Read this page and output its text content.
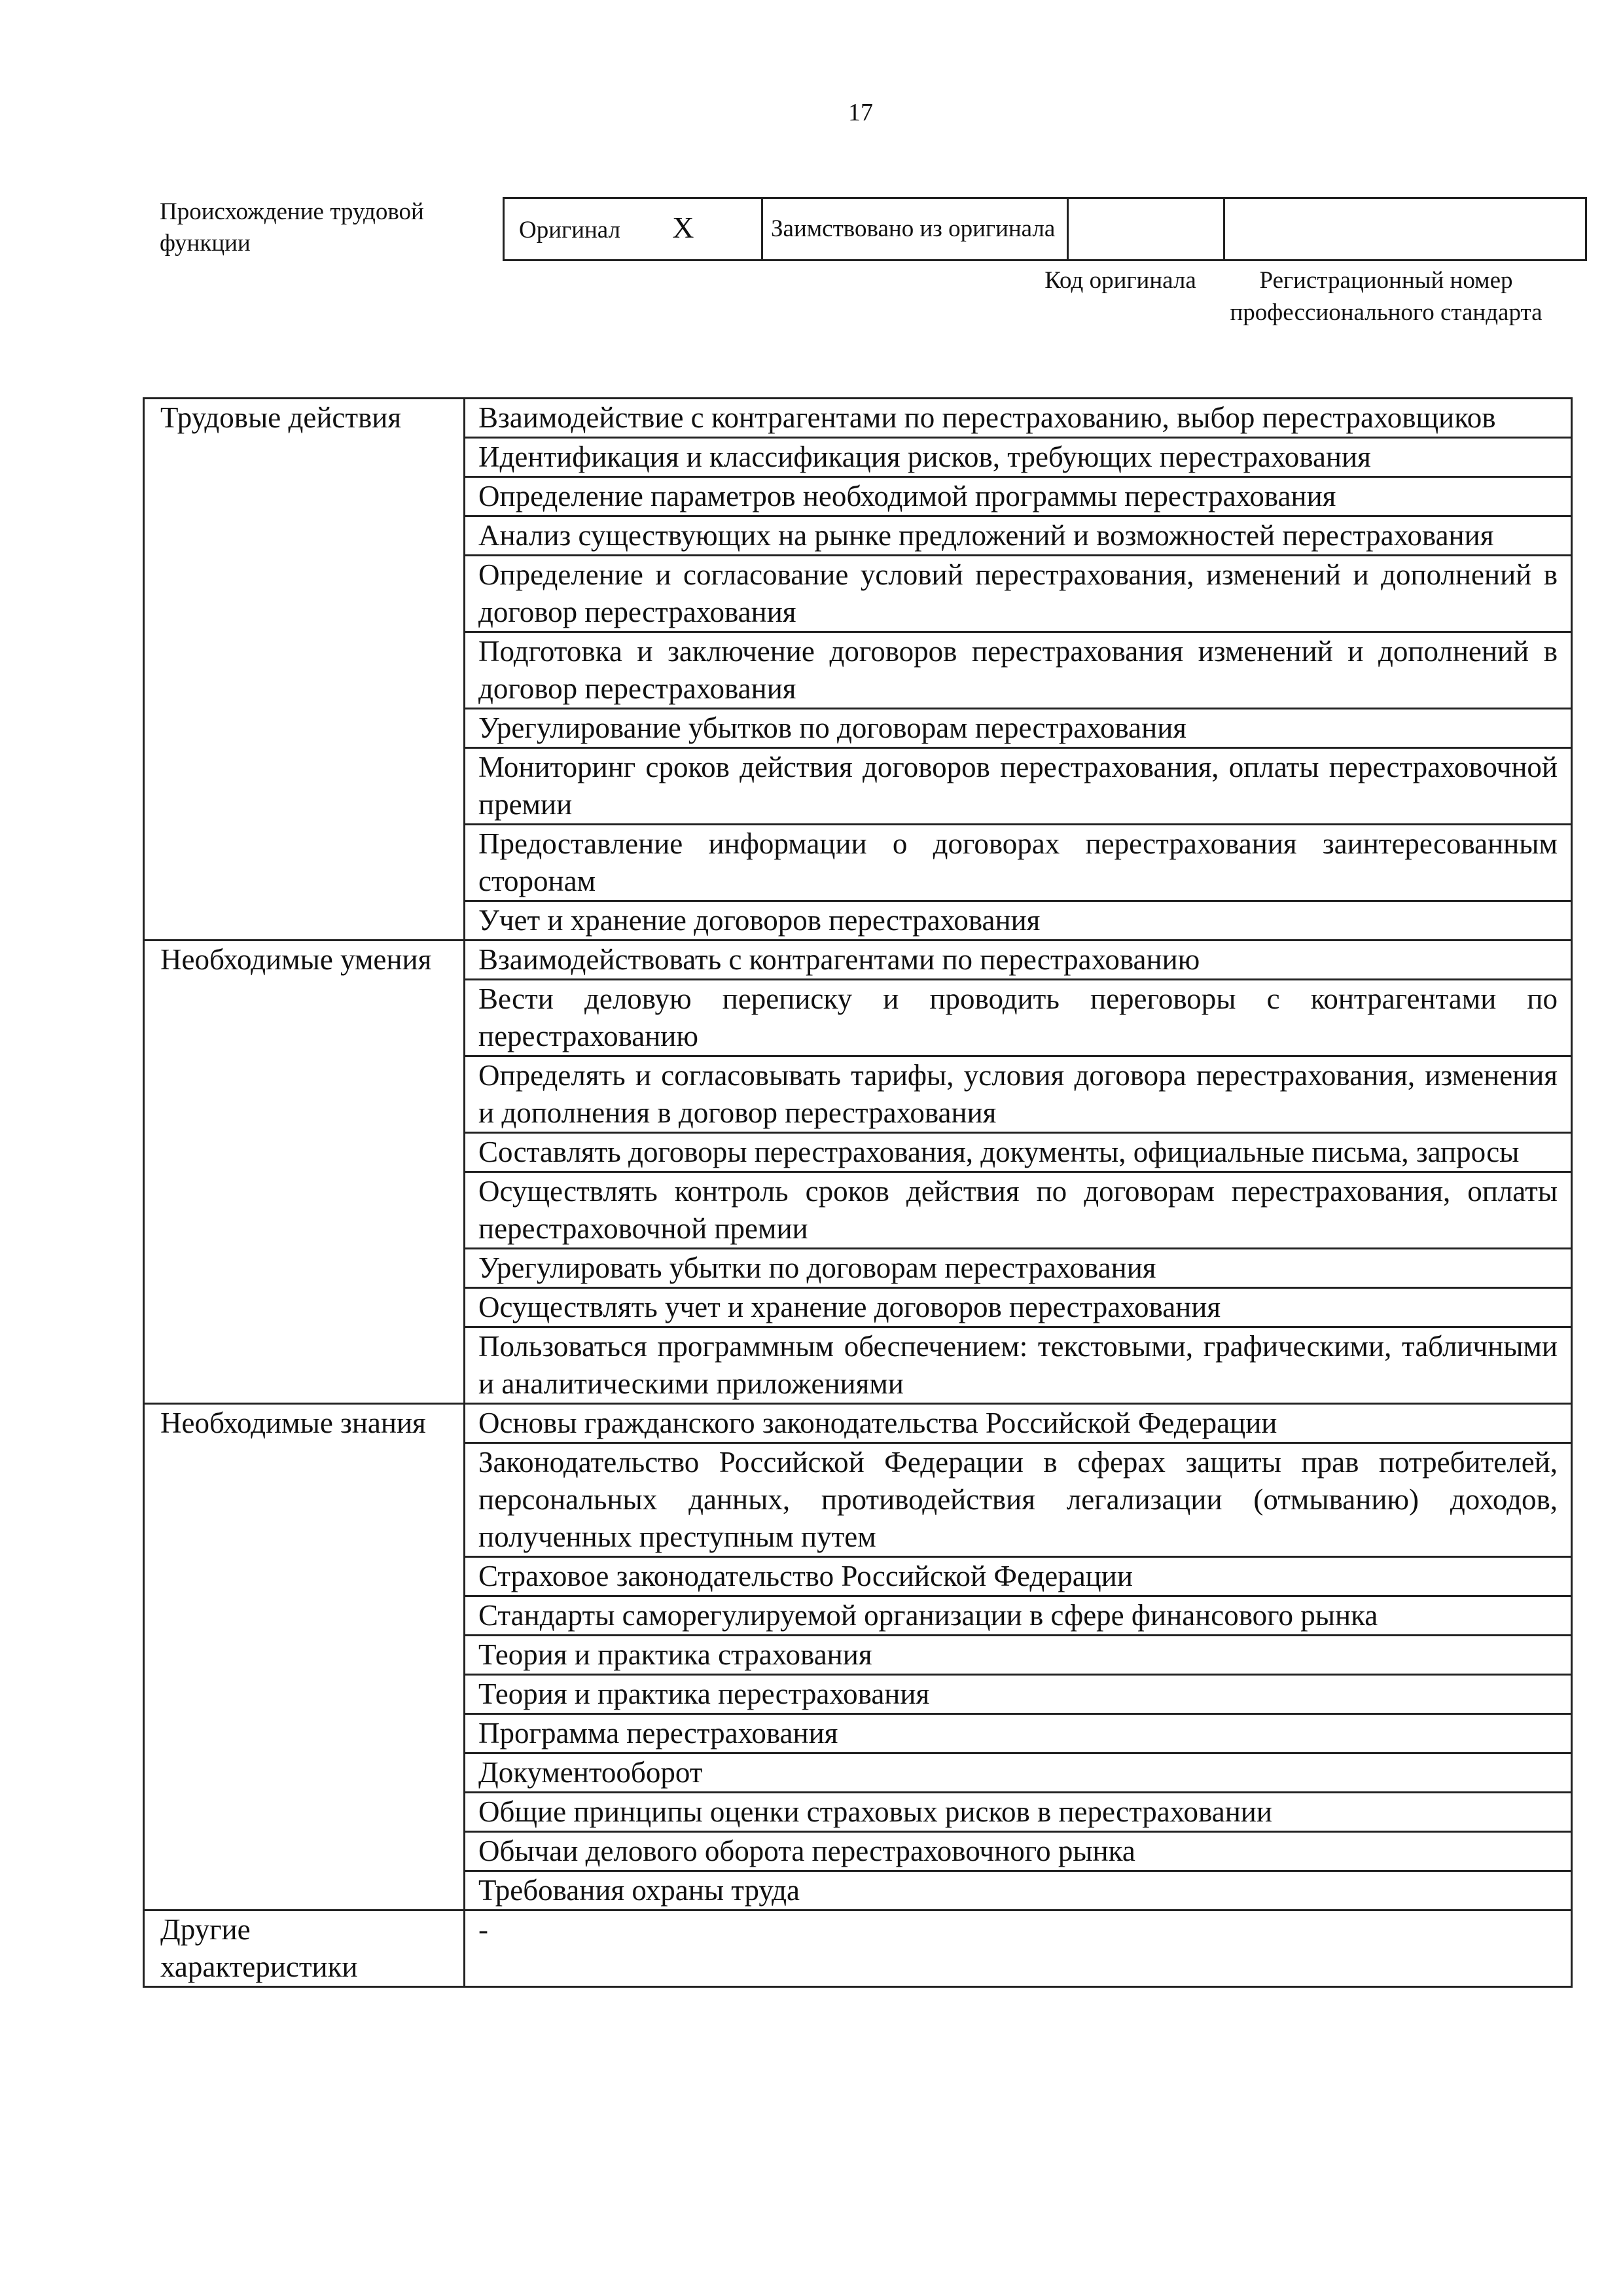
17
Происхождение трудовой функции	Оригинал X	Заимствовано из оригинала		
Код оригинала	Регистрационный номер профессионального стандарта
Трудовые действия	Взаимодействие с контрагентами по перестрахованию, выбор перестраховщиков
	Идентификация и классификация рисков, требующих перестрахования
	Определение параметров необходимой программы перестрахования
	Анализ существующих на рынке предложений и возможностей перестрахования
	Определение и согласование условий перестрахования, изменений и дополнений в договор перестрахования
	Подготовка и заключение договоров перестрахования изменений и дополнений в договор перестрахования
	Урегулирование убытков по договорам перестрахования
	Мониторинг сроков действия договоров перестрахования, оплаты перестраховочной премии
	Предоставление информации о договорах перестрахования заинтересованным сторонам
	Учет и хранение договоров перестрахования
Необходимые умения	Взаимодействовать с контрагентами по перестрахованию
	Вести деловую переписку и проводить переговоры с контрагентами по перестрахованию
	Определять и согласовывать тарифы, условия договора перестрахования, изменения и дополнения в договор перестрахования
	Составлять договоры перестрахования, документы, официальные письма, запросы
	Осуществлять контроль сроков действия по договорам перестрахования, оплаты перестраховочной премии
	Урегулировать убытки по договорам перестрахования
	Осуществлять учет и хранение договоров перестрахования
	Пользоваться программным обеспечением: текстовыми, графическими, табличными и аналитическими приложениями
Необходимые знания	Основы гражданского законодательства Российской Федерации
	Законодательство Российской Федерации в сферах защиты прав потребителей, персональных данных, противодействия легализации (отмыванию) доходов, полученных преступным путем
	Страховое законодательство Российской Федерации
	Стандарты саморегулируемой организации в сфере финансового рынка
	Теория и практика страхования
	Теория и практика перестрахования
	Программа перестрахования
	Документооборот
	Общие принципы оценки страховых рисков в перестраховании
	Обычаи делового оборота перестраховочного рынка
	Требования охраны труда
Другие характеристики	-
